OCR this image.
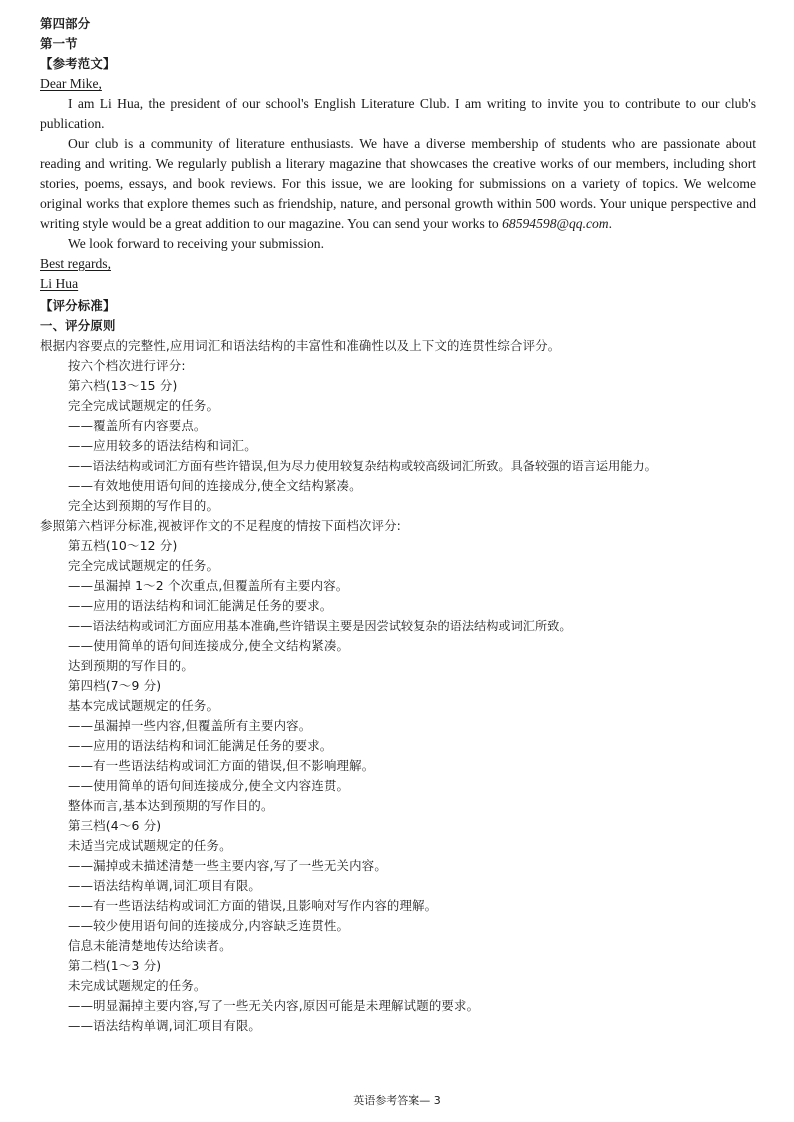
第四部分
第一节
【参考范文】
Dear Mike,
I am Li Hua, the president of our school's English Literature Club. I am writing to invite you to contribute to our club's publication.
Our club is a community of literature enthusiasts. We have a diverse membership of students who are passionate about reading and writing. We regularly publish a literary magazine that showcases the creative works of our members, including short stories, poems, essays, and book reviews. For this issue, we are looking for submissions on a variety of topics. We welcome original works that explore themes such as friendship, nature, and personal growth within 500 words. Your unique perspective and writing style would be a great addition to our magazine. You can send your works to 68594598@qq.com.
We look forward to receiving your submission.
Best regards,
Li Hua
【评分标准】
一、评分原则
根据内容要点的完整性,应用词汇和语法结构的丰富性和准确性以及上下文的连贯性综合评分。
按六个档次进行评分:
第六档(13～15 分)
完全完成试题规定的任务。
——覆盖所有内容要点。
——应用较多的语法结构和词汇。
——语法结构或词汇方面有些许错误,但为尽力使用较复杂结构或较高级词汇所致。具备较强的语言运用能力。
——有效地使用语句间的连接成分,使全文结构紧凑。
完全达到预期的写作目的。
参照第六档评分标准,视被评作文的不足程度的情按下面档次评分:
第五档(10～12 分)
完全完成试题规定的任务。
——虽漏掉 1～2 个次重点,但覆盖所有主要内容。
——应用的语法结构和词汇能满足任务的要求。
——语法结构或词汇方面应用基本准确,些许错误主要是因尝试较复杂的语法结构或词汇所致。
——使用简单的语句间连接成分,使全文结构紧凑。
达到预期的写作目的。
第四档(7～9 分)
基本完成试题规定的任务。
——虽漏掉一些内容,但覆盖所有主要内容。
——应用的语法结构和词汇能满足任务的要求。
——有一些语法结构或词汇方面的错误,但不影响理解。
——使用简单的语句间连接成分,使全文内容连贯。
整体而言,基本达到预期的写作目的。
第三档(4～6 分)
未适当完成试题规定的任务。
——漏掉或未描述清楚一些主要内容,写了一些无关内容。
——语法结构单调,词汇项目有限。
——有一些语法结构或词汇方面的错误,且影响对写作内容的理解。
——较少使用语句间的连接成分,内容缺乏连贯性。
信息未能清楚地传达给读者。
第二档(1～3 分)
未完成试题规定的任务。
——明显漏掉主要内容,写了一些无关内容,原因可能是未理解试题的要求。
——语法结构单调,词汇项目有限。
英语参考答案— 3
